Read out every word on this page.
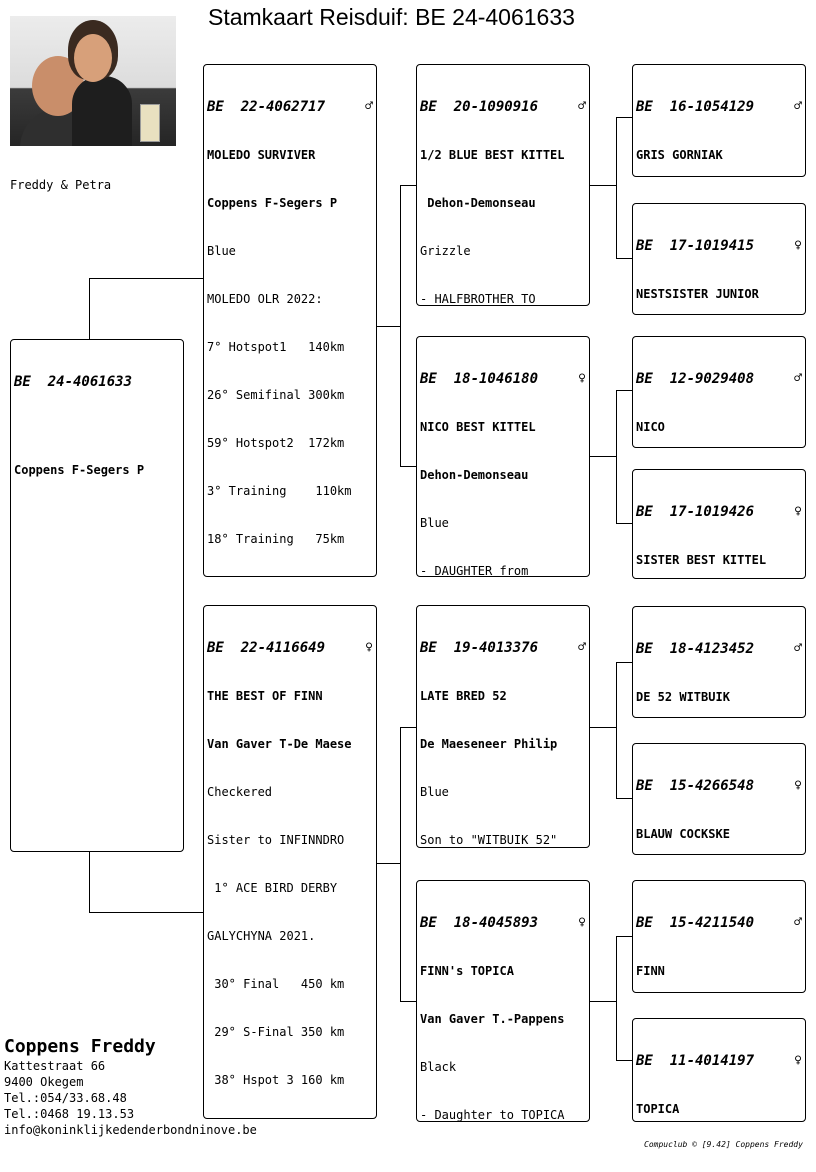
Stamkaart Reisduif: BE 24-4061633
Freddy & Petra

BE  24-4061633

Coppens F-Segers P

BE  22-4062717	♂

MOLEDO SURVIVER

Coppens F-Segers P

Blue

MOLEDO OLR 2022:

7° Hotspot1   140km

26° Semifinal 300km

59° Hotspot2  172km

3° Training    110km

18° Training   75km

BE  22-4116649	♀

THE BEST OF FINN

Van Gaver T-De Maese

Checkered

Sister to INFINNDRO

1° ACE BIRD DERBY

GALYCHYNA 2021.

30° Final   450 km

29° S-Final 350 km

38° Hspot 3 160 km

BE  20-1090916	♂

1/2 BLUE BEST KITTEL

Dehon-Demonseau

Grizzle

- HALFBROTHER TO

BE  18-1046180	♀

NICO BEST KITTEL

Dehon-Demonseau

Blue

- DAUGHTER from

BE  19-4013376	♂

LATE BRED 52

De Maeseneer Philip

Blue

Son to "WITBUIK 52"

BE  18-4045893	♀

FINN's TOPICA

Van Gaver T.-Pappens

Black

- Daughter to TOPICA

BE  16-1054129	♂

GRIS GORNIAK

BE  17-1019415	♀

NESTSISTER JUNIOR

BE  12-9029408	♂

NICO

BE  17-1019426	♀

SISTER BEST KITTEL

BE  18-4123452	♂

DE 52 WITBUIK

BE  15-4266548	♀

BLAUW COCKSKE

BE  15-4211540	♂

FINN

BE  11-4014197	♀

TOPICA

Coppens Freddy
Kattestraat 66
9400 Okegem
Tel.:054/33.68.48
Tel.:0468 19.13.53
info@koninklijkedenderbondninove.be
Compuclub © [9.42] Coppens Freddy
